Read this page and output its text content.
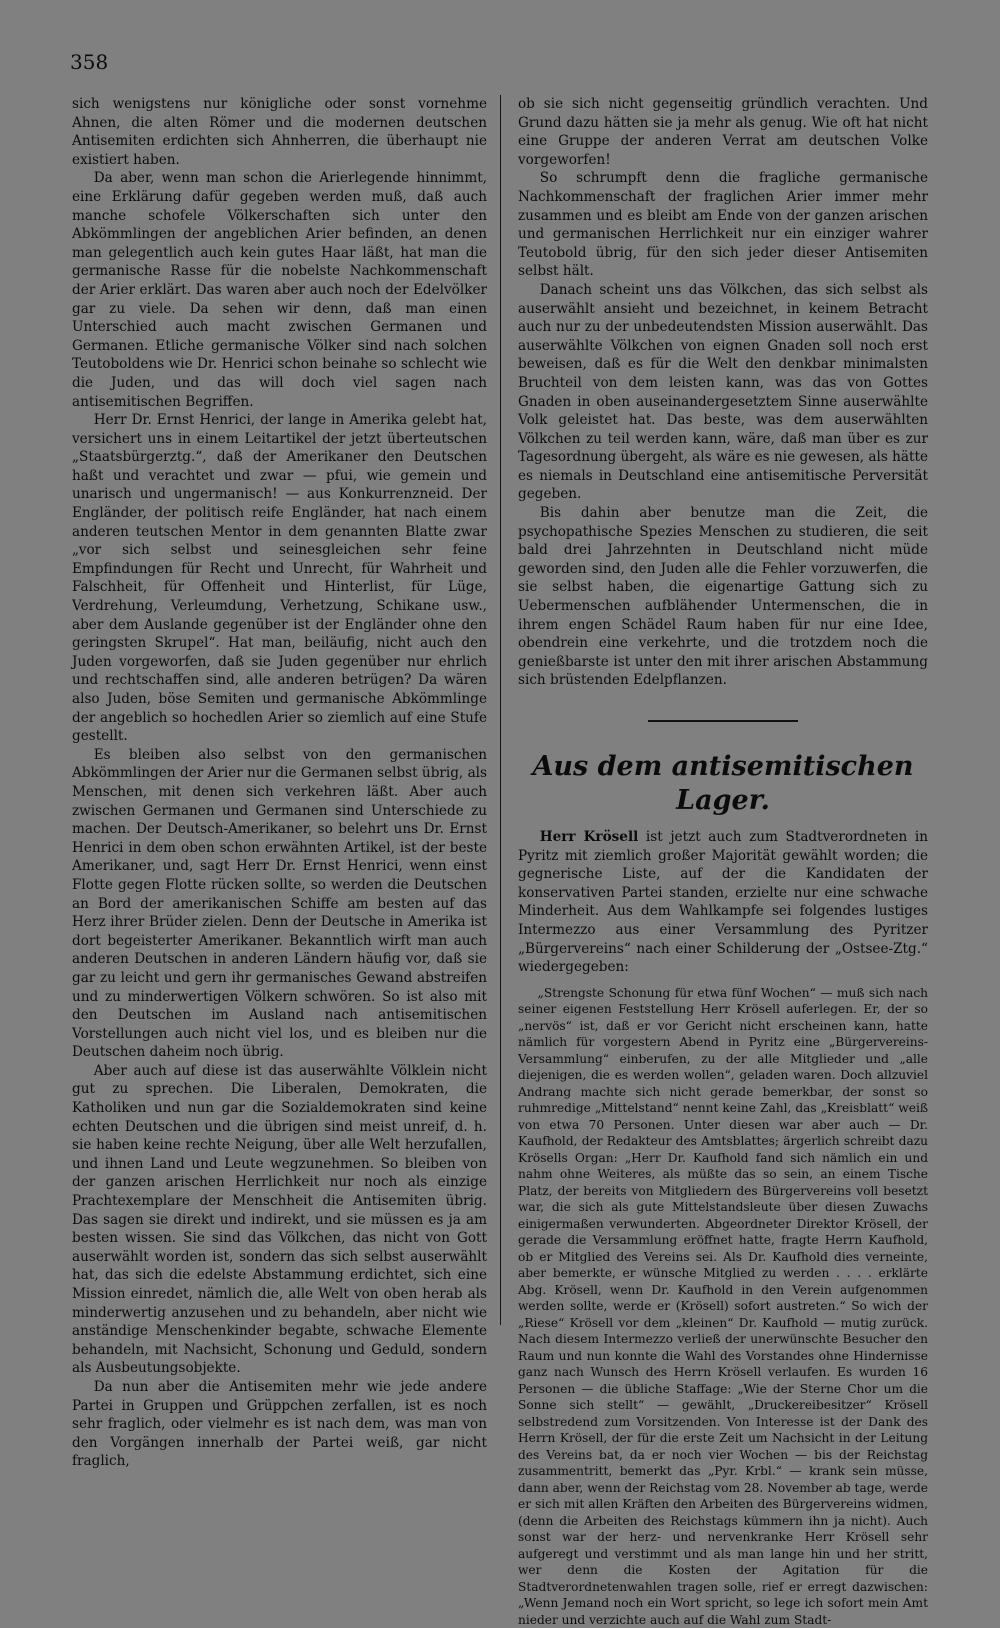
358

sich wenigstens nur königliche oder sonst vornehme Ahnen, die alten Römer und die modernen deutschen Antisemiten erdichten sich Ahnherren, die überhaupt nie existiert haben.

Da aber, wenn man schon die Arierlegende hinnimmt, eine Erklärung dafür gegeben werden muß, daß auch manche schofele Völkerschaften sich unter den Abkömmlingen der angeblichen Arier befinden, an denen man gelegentlich auch kein gutes Haar läßt, hat man die germanische Rasse für die nobelste Nachkommenschaft der Arier erklärt. Das waren aber auch noch der Edelvölker gar zu viele. Da sehen wir denn, daß man einen Unterschied auch macht zwischen Germanen und Germanen. Etliche germanische Völker sind nach solchen Teutoboldens wie Dr. Henrici schon beinahe so schlecht wie die Juden, und das will doch viel sagen nach antisemitischen Begriffen.

Herr Dr. Ernst Henrici, der lange in Amerika gelebt hat, versichert uns in einem Leitartikel der jetzt überteutschen „Staatsbürgerztg.“, daß der Amerikaner den Deutschen haßt und verachtet und zwar — pfui, wie gemein und unarisch und ungermanisch! — aus Konkurrenzneid. Der Engländer, der politisch reife Engländer, hat nach einem anderen teutschen Mentor in dem genannten Blatte zwar „vor sich selbst und seinesgleichen sehr feine Empfindungen für Recht und Unrecht, für Wahrheit und Falschheit, für Offenheit und Hinterlist, für Lüge, Verdrehung, Verleumdung, Verhetzung, Schikane usw., aber dem Auslande gegenüber ist der Engländer ohne den geringsten Skrupel“. Hat man, beiläufig, nicht auch den Juden vorgeworfen, daß sie Juden gegenüber nur ehrlich und rechtschaffen sind, alle anderen betrügen? Da wären also Juden, böse Semiten und germanische Abkömmlinge der angeblich so hochedlen Arier so ziemlich auf eine Stufe gestellt.

Es bleiben also selbst von den germanischen Abkömmlingen der Arier nur die Germanen selbst übrig, als Menschen, mit denen sich verkehren läßt. Aber auch zwischen Germanen und Germanen sind Unterschiede zu machen. Der Deutsch-Amerikaner, so belehrt uns Dr. Ernst Henrici in dem oben schon erwähnten Artikel, ist der beste Amerikaner, und, sagt Herr Dr. Ernst Henrici, wenn einst Flotte gegen Flotte rücken sollte, so werden die Deutschen an Bord der amerikanischen Schiffe am besten auf das Herz ihrer Brüder zielen. Denn der Deutsche in Amerika ist dort begeisterter Amerikaner. Bekanntlich wirft man auch anderen Deutschen in anderen Ländern häufig vor, daß sie gar zu leicht und gern ihr germanisches Gewand abstreifen und zu minderwertigen Völkern schwören. So ist also mit den Deutschen im Ausland nach antisemitischen Vorstellungen auch nicht viel los, und es bleiben nur die Deutschen daheim noch übrig.

Aber auch auf diese ist das auserwählte Völklein nicht gut zu sprechen. Die Liberalen, Demokraten, die Katholiken und nun gar die Sozialdemokraten sind keine echten Deutschen und die übrigen sind meist unreif, d. h. sie haben keine rechte Neigung, über alle Welt herzufallen, und ihnen Land und Leute wegzunehmen. So bleiben von der ganzen arischen Herrlichkeit nur noch als einzige Prachtexemplare der Menschheit die Antisemiten übrig. Das sagen sie direkt und indirekt, und sie müssen es ja am besten wissen. Sie sind das Völkchen, das nicht von Gott auserwählt worden ist, sondern das sich selbst auserwählt hat, das sich die edelste Abstammung erdichtet, sich eine Mission einredet, nämlich die, alle Welt von oben herab als minderwertig anzusehen und zu behandeln, aber nicht wie anständige Menschenkinder begabte, schwache Elemente behandeln, mit Nachsicht, Schonung und Geduld, sondern als Ausbeutungsobjekte.

Da nun aber die Antisemiten mehr wie jede andere Partei in Gruppen und Grüppchen zerfallen, ist es noch sehr fraglich, oder vielmehr es ist nach dem, was man von den Vorgängen innerhalb der Partei weiß, gar nicht fraglich,

ob sie sich nicht gegenseitig gründlich verachten. Und Grund dazu hätten sie ja mehr als genug. Wie oft hat nicht eine Gruppe der anderen Verrat am deutschen Volke vorgeworfen!

So schrumpft denn die fragliche germanische Nachkommenschaft der fraglichen Arier immer mehr zusammen und es bleibt am Ende von der ganzen arischen und germanischen Herrlichkeit nur ein einziger wahrer Teutobold übrig, für den sich jeder dieser Antisemiten selbst hält.

Danach scheint uns das Völkchen, das sich selbst als auserwählt ansieht und bezeichnet, in keinem Betracht auch nur zu der unbedeutendsten Mission auserwählt. Das auserwählte Völkchen von eignen Gnaden soll noch erst beweisen, daß es für die Welt den denkbar minimalsten Bruchteil von dem leisten kann, was das von Gottes Gnaden in oben auseinandergesetztem Sinne auserwählte Volk geleistet hat. Das beste, was dem auserwählten Völkchen zu teil werden kann, wäre, daß man über es zur Tagesordnung übergeht, als wäre es nie gewesen, als hätte es niemals in Deutschland eine antisemitische Perversität gegeben.

Bis dahin aber benutze man die Zeit, die psychopathische Spezies Menschen zu studieren, die seit bald drei Jahrzehnten in Deutschland nicht müde geworden sind, den Juden alle die Fehler vorzuwerfen, die sie selbst haben, die eigenartige Gattung sich zu Uebermenschen aufblähender Untermenschen, die in ihrem engen Schädel Raum haben für nur eine Idee, obendrein eine verkehrte, und die trotzdem noch die genießbarste ist unter den mit ihrer arischen Abstammung sich brüstenden Edelpflanzen.

Aus dem antisemitischen Lager.

Herr Krösell ist jetzt auch zum Stadtverordneten in Pyritz mit ziemlich großer Majorität gewählt worden; die gegnerische Liste, auf der die Kandidaten der konservativen Partei standen, erzielte nur eine schwache Minderheit. Aus dem Wahlkampfe sei folgendes lustiges Intermezzo aus einer Versammlung des Pyritzer „Bürgervereins“ nach einer Schilderung der „Ostsee-Ztg.“ wiedergegeben:

„Strengste Schonung für etwa fünf Wochen“ — muß sich nach seiner eigenen Feststellung Herr Krösell auferlegen. Er, der so „nervös“ ist, daß er vor Gericht nicht erscheinen kann, hatte nämlich für vorgestern Abend in Pyritz eine „Bürgervereins-Versammlung“ einberufen, zu der alle Mitglieder und „alle diejenigen, die es werden wollen“, geladen waren. Doch allzuviel Andrang machte sich nicht gerade bemerkbar, der sonst so ruhmredige „Mittelstand“ nennt keine Zahl, das „Kreisblatt“ weiß von etwa 70 Personen. Unter diesen war aber auch — Dr. Kaufhold, der Redakteur des Amtsblattes; ärgerlich schreibt dazu Krösells Organ: „Herr Dr. Kaufhold fand sich nämlich ein und nahm ohne Weiteres, als müßte das so sein, an einem Tische Platz, der bereits von Mitgliedern des Bürgervereins voll besetzt war, die sich als gute Mittelstandsleute über diesen Zuwachs einigermaßen verwunderten. Abgeordneter Direktor Krösell, der gerade die Versammlung eröffnet hatte, fragte Herrn Kaufhold, ob er Mitglied des Vereins sei. Als Dr. Kaufhold dies verneinte, aber bemerkte, er wünsche Mitglied zu werden . . . . erklärte Abg. Krösell, wenn Dr. Kaufhold in den Verein aufgenommen werden sollte, werde er (Krösell) sofort austreten.“ So wich der „Riese“ Krösell vor dem „kleinen“ Dr. Kaufhold — mutig zurück. Nach diesem Intermezzo verließ der unerwünschte Besucher den Raum und nun konnte die Wahl des Vorstandes ohne Hindernisse ganz nach Wunsch des Herrn Krösell verlaufen. Es wurden 16 Personen — die übliche Staffage: „Wie der Sterne Chor um die Sonne sich stellt“ — gewählt, „Druckereibesitzer“ Krösell selbstredend zum Vorsitzenden. Von Interesse ist der Dank des Herrn Krösell, der für die erste Zeit um Nachsicht in der Leitung des Vereins bat, da er noch vier Wochen — bis der Reichstag zusammentritt, bemerkt das „Pyr. Krbl.“ — krank sein müsse, dann aber, wenn der Reichstag vom 28. November ab tage, werde er sich mit allen Kräften den Arbeiten des Bürgervereins widmen, (denn die Arbeiten des Reichstags kümmern ihn ja nicht). Auch sonst war der herz- und nervenkranke Herr Krösell sehr aufgeregt und verstimmt und als man lange hin und her stritt, wer denn die Kosten der Agitation für die Stadtverordnetenwahlen tragen solle, rief er erregt dazwischen: „Wenn Jemand noch ein Wort spricht, so lege ich sofort mein Amt nieder und verzichte auch auf die Wahl zum Stadt-
